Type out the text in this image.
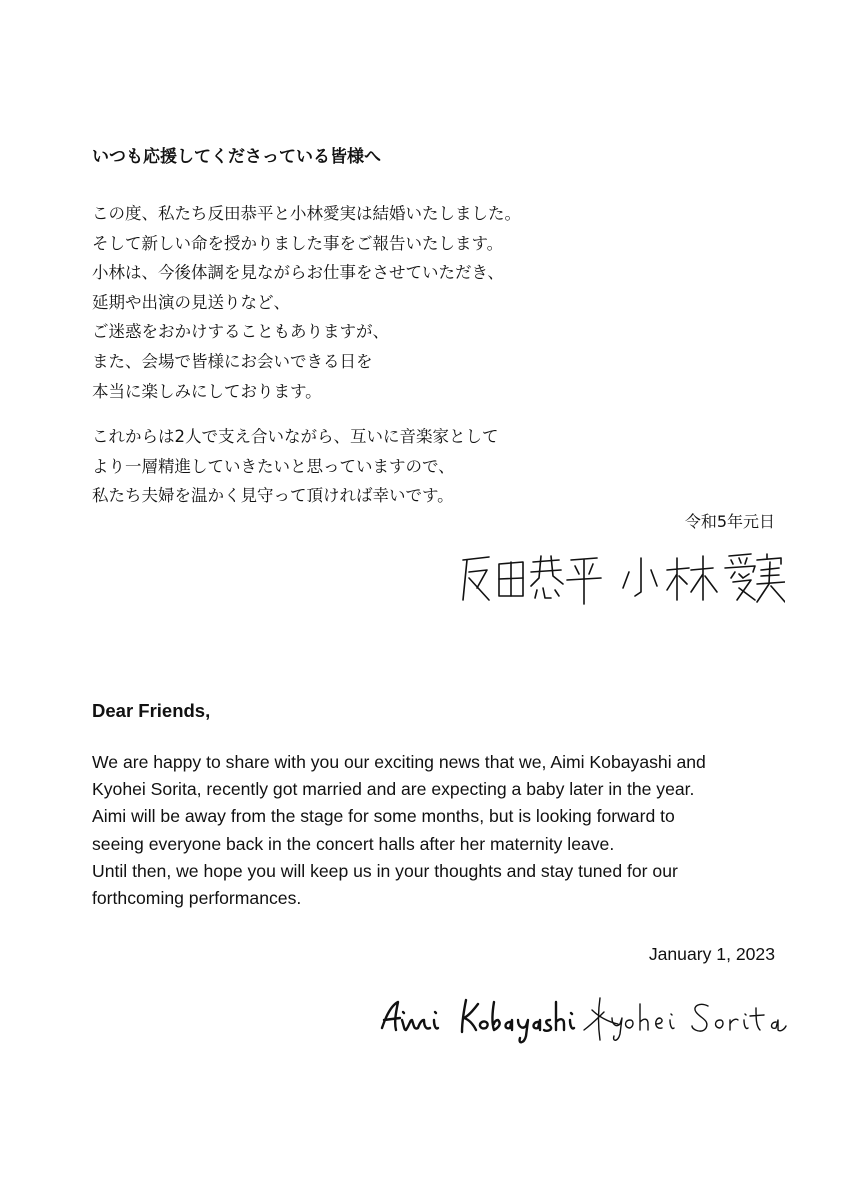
いつも応援してくださっている皆様へ
この度、私たち反田恭平と小林愛実は結婚いたしました。
そして新しい命を授かりました事をご報告いたします。
小林は、今後体調を見ながらお仕事をさせていただき、
延期や出演の見送りなど、
ご迷惑をおかけすることもありますが、
また、会場で皆様にお会いできる日を
本当に楽しみにしております。
これからは2人で支え合いながら、互いに音楽家として
より一層精進していきたいと思っていますので、
私たち夫婦を温かく見守って頂ければ幸いです。
令和5年元日
Dear Friends,
We are happy to share with you our exciting news that we, Aimi Kobayashi and
Kyohei Sorita, recently got married and are expecting a baby later in the year.
Aimi will be away from the stage for some months, but is looking forward to
seeing everyone back in the concert halls after her maternity leave.
Until then, we hope you will keep us in your thoughts and stay tuned for our
forthcoming performances.
January 1, 2023
